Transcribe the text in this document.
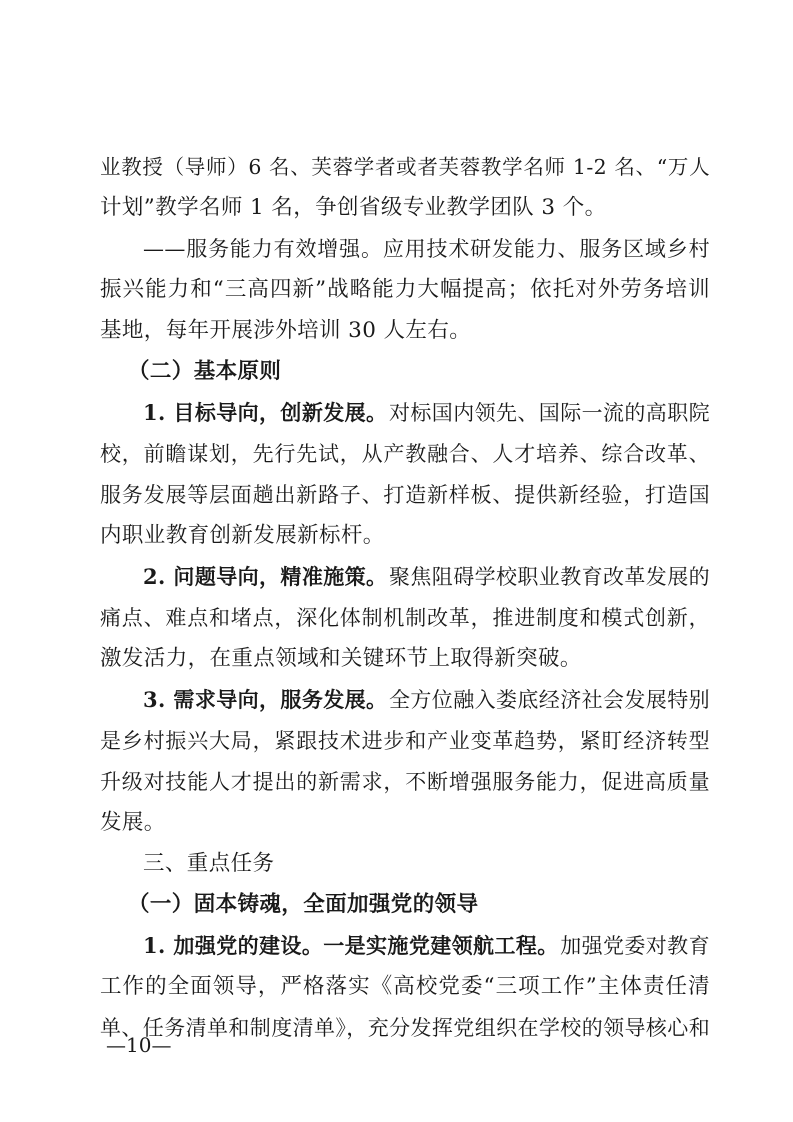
业教授（导师）6 名、芙蓉学者或者芙蓉教学名师 1-2 名、“万人
计划”教学名师 1 名，争创省级专业教学团队 3 个。
——服务能力有效增强。应用技术研发能力、服务区域乡村
振兴能力和“三高四新”战略能力大幅提高；依托对外劳务培训
基地，每年开展涉外培训 30 人左右。
（二）基本原则
1. 目标导向，创新发展。 对标国内领先、国际一流的高职院
校，前瞻谋划，先行先试，从产教融合、人才培养、综合改革、
服务发展等层面趟出新路子、打造新样板、提供新经验，打造国
内职业教育创新发展新标杆。
2. 问题导向，精准施策。 聚焦阻碍学校职业教育改革发展的
痛点、难点和堵点，深化体制机制改革，推进制度和模式创新，
激发活力，在重点领域和关键环节上取得新突破。
3. 需求导向，服务发展。 全方位融入娄底经济社会发展特别
是乡村振兴大局，紧跟技术进步和产业变革趋势，紧盯经济转型
升级对技能人才提出的新需求，不断增强服务能力，促进高质量
发展。
三、重点任务
（一）固本铸魂，全面加强党的领导
1. 加强党的建设。一是实施党建领航工程。 加强党委对教育
工作的全面领导，严格落实《高校党委“三项工作”主体责任清
单、任务清单和制度清单》，充分发挥党组织在学校的领导核心和
—10—
